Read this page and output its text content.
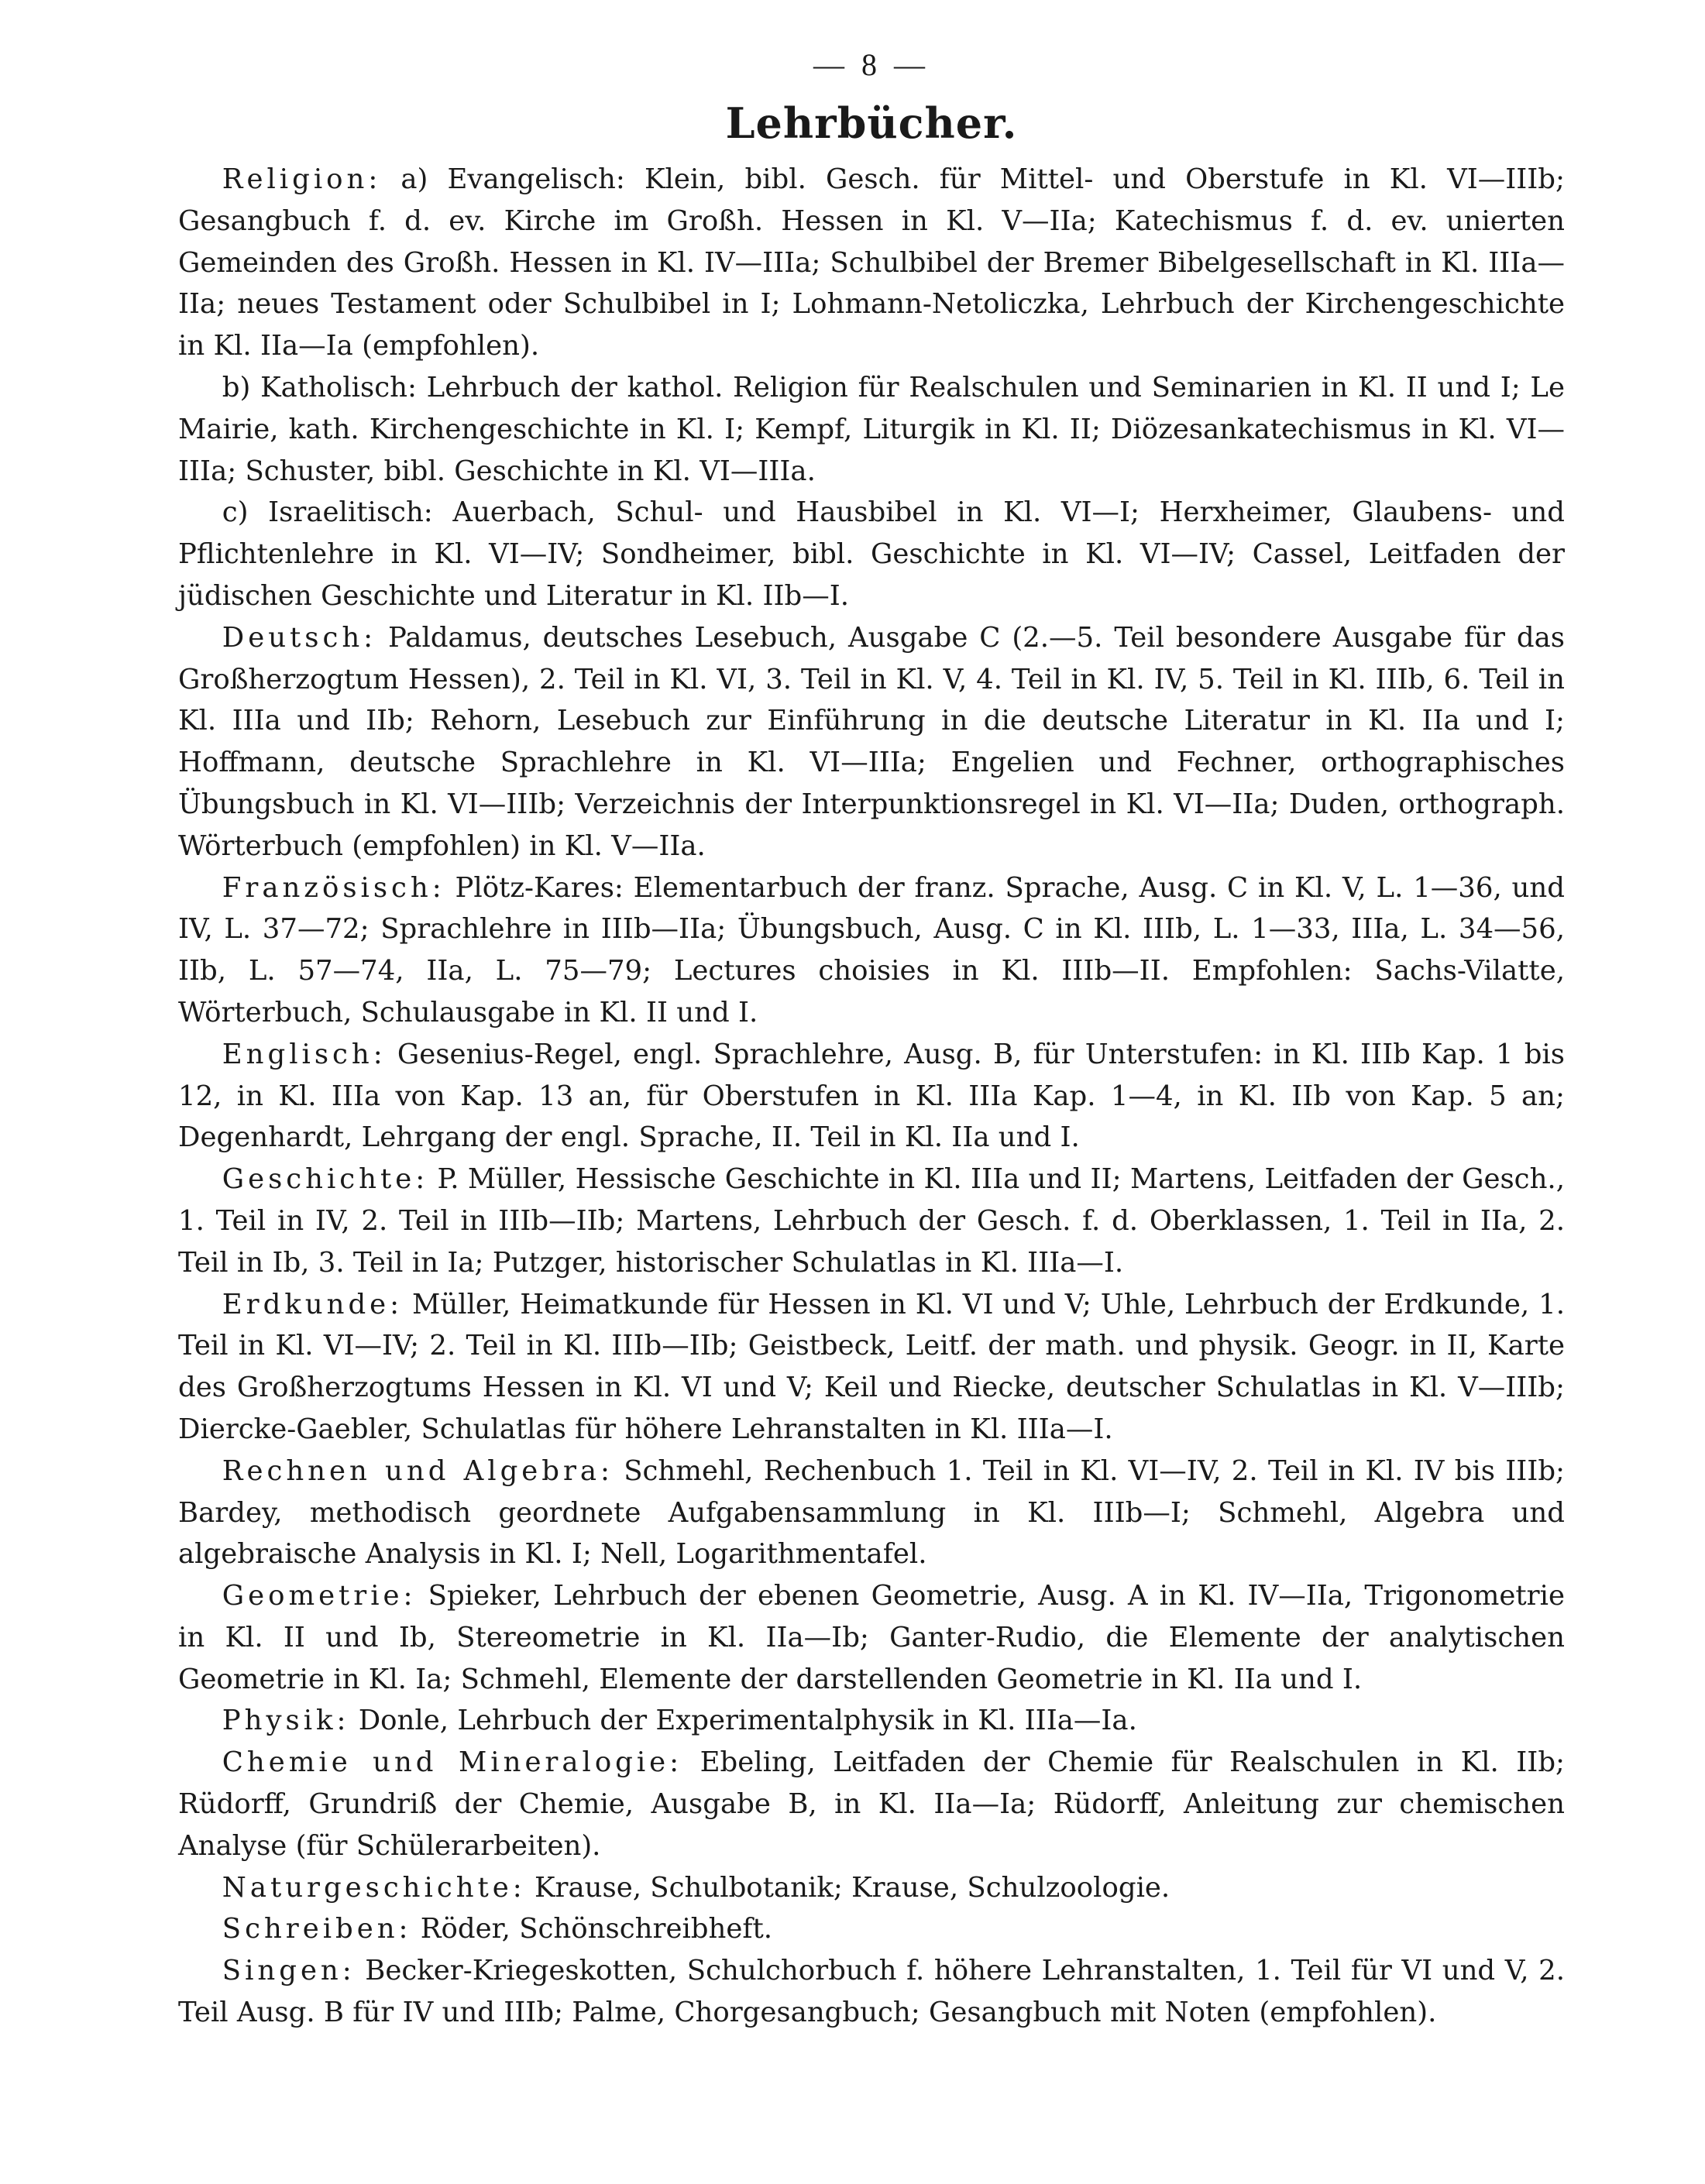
— 8 —
Lehrbücher.

Religion: a) Evangelisch: Klein, bibl. Gesch. für Mittel- und Oberstufe in Kl. VI—IIIb; Gesangbuch f. d. ev. Kirche im Großh. Hessen in Kl. V—IIa; Katechismus f. d. ev. unierten Gemeinden des Großh. Hessen in Kl. IV—IIIa; Schulbibel der Bremer Bibelgesellschaft in Kl. IIIa—IIa; neues Testament oder Schulbibel in I; Lohmann-Netoliczka, Lehrbuch der Kirchengeschichte in Kl. IIa—Ia (empfohlen).

b) Katholisch: Lehrbuch der kathol. Religion für Realschulen und Seminarien in Kl. II und I; Le Mairie, kath. Kirchengeschichte in Kl. I; Kempf, Liturgik in Kl. II; Diözesankatechismus in Kl. VI—IIIa; Schuster, bibl. Geschichte in Kl. VI—IIIa.

c) Israelitisch: Auerbach, Schul- und Hausbibel in Kl. VI—I; Herxheimer, Glaubens- und Pflichtenlehre in Kl. VI—IV; Sondheimer, bibl. Geschichte in Kl. VI—IV; Cassel, Leitfaden der jüdischen Geschichte und Literatur in Kl. IIb—I.

Deutsch: Paldamus, deutsches Lesebuch, Ausgabe C (2.—5. Teil besondere Ausgabe für das Großherzogtum Hessen), 2. Teil in Kl. VI, 3. Teil in Kl. V, 4. Teil in Kl. IV, 5. Teil in Kl. IIIb, 6. Teil in Kl. IIIa und IIb; Rehorn, Lesebuch zur Einführung in die deutsche Literatur in Kl. IIa und I; Hoffmann, deutsche Sprachlehre in Kl. VI—IIIa; Engelien und Fechner, orthographisches Übungsbuch in Kl. VI—IIIb; Verzeichnis der Interpunktionsregel in Kl. VI—IIa; Duden, orthograph. Wörterbuch (empfohlen) in Kl. V—IIa.

Französisch: Plötz-Kares: Elementarbuch der franz. Sprache, Ausg. C in Kl. V, L. 1—36, und IV, L. 37—72; Sprachlehre in IIIb—IIa; Übungsbuch, Ausg. C in Kl. IIIb, L. 1—33, IIIa, L. 34—56, IIb, L. 57—74, IIa, L. 75—79; Lectures choisies in Kl. IIIb—II. Empfohlen: Sachs-Vilatte, Wörterbuch, Schulausgabe in Kl. II und I.

Englisch: Gesenius-Regel, engl. Sprachlehre, Ausg. B, für Unterstufen: in Kl. IIIb Kap. 1 bis 12, in Kl. IIIa von Kap. 13 an, für Oberstufen in Kl. IIIa Kap. 1—4, in Kl. IIb von Kap. 5 an; Degenhardt, Lehrgang der engl. Sprache, II. Teil in Kl. IIa und I.

Geschichte: P. Müller, Hessische Geschichte in Kl. IIIa und II; Martens, Leitfaden der Gesch., 1. Teil in IV, 2. Teil in IIIb—IIb; Martens, Lehrbuch der Gesch. f. d. Oberklassen, 1. Teil in IIa, 2. Teil in Ib, 3. Teil in Ia; Putzger, historischer Schulatlas in Kl. IIIa—I.

Erdkunde: Müller, Heimatkunde für Hessen in Kl. VI und V; Uhle, Lehrbuch der Erdkunde, 1. Teil in Kl. VI—IV; 2. Teil in Kl. IIIb—IIb; Geistbeck, Leitf. der math. und physik. Geogr. in II, Karte des Großherzogtums Hessen in Kl. VI und V; Keil und Riecke, deutscher Schulatlas in Kl. V—IIIb; Diercke-Gaebler, Schulatlas für höhere Lehranstalten in Kl. IIIa—I.

Rechnen und Algebra: Schmehl, Rechenbuch 1. Teil in Kl. VI—IV, 2. Teil in Kl. IV bis IIIb; Bardey, methodisch geordnete Aufgabensammlung in Kl. IIIb—I; Schmehl, Algebra und algebraische Analysis in Kl. I; Nell, Logarithmentafel.

Geometrie: Spieker, Lehrbuch der ebenen Geometrie, Ausg. A in Kl. IV—IIa, Trigonometrie in Kl. II und Ib, Stereometrie in Kl. IIa—Ib; Ganter-Rudio, die Elemente der analytischen Geometrie in Kl. Ia; Schmehl, Elemente der darstellenden Geometrie in Kl. IIa und I.

Physik: Donle, Lehrbuch der Experimentalphysik in Kl. IIIa—Ia.

Chemie und Mineralogie: Ebeling, Leitfaden der Chemie für Realschulen in Kl. IIb; Rüdorff, Grundriß der Chemie, Ausgabe B, in Kl. IIa—Ia; Rüdorff, Anleitung zur chemischen Analyse (für Schülerarbeiten).

Naturgeschichte: Krause, Schulbotanik; Krause, Schulzoologie.

Schreiben: Röder, Schönschreibheft.

Singen: Becker-Kriegeskotten, Schulchorbuch f. höhere Lehranstalten, 1. Teil für VI und V, 2. Teil Ausg. B für IV und IIIb; Palme, Chorgesangbuch; Gesangbuch mit Noten (empfohlen).
